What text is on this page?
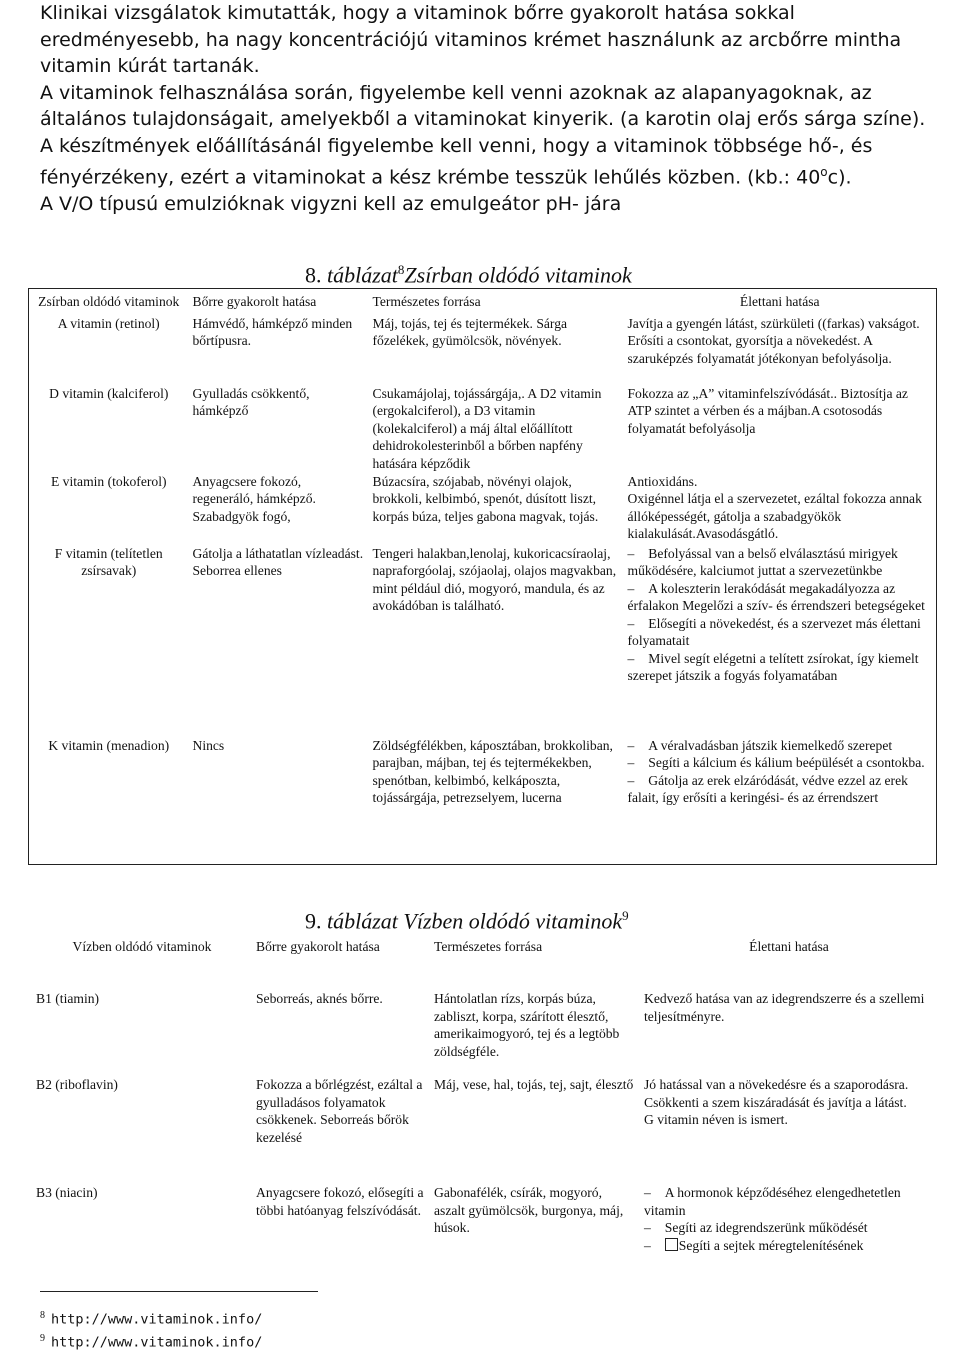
Klinikai vizsgálatok kimutatták, hogy a vitaminok bőrre gyakorolt hatása sokkal eredményesebb, ha nagy koncentrációjú vitaminos krémet használunk az arcbőrre mintha vitamin kúrát tartanák.

A vitaminok felhasználása során, figyelembe kell venni azoknak az alapanyagoknak, az általános tulajdonságait, amelyekből a vitaminokat kinyerik. (a karotin olaj erős sárga színe).

A készítmények előállításánál figyelembe kell venni, hogy a vitaminok többsége hő-, és fényérzékeny, ezért a vitaminokat a kész krémbe tesszük lehűlés közben. (kb.: 40$^o$c).

A V/O típusú emulzióknak vigyzni kell az emulgeátor pH- jára

8. táblázat$^8$Zsírban oldódó vitaminok
Zsírban oldódó vitaminok	Bőrre gyakorolt hatása	Természetes forrása	Élettani hatása
A vitamin (retinol)	Hámvédő, hámképző minden bőrtípusra.	Máj, tojás, tej és tejtermékek. Sárga főzelékek, gyümölcsök, növények.	Javítja a gyengén látást, szürkületi ((farkas) vakságot. Erősíti a csontokat, gyorsítja a növekedést. A szaruképzés folyamatát jótékonyan befolyásolja.
D vitamin (kalciferol)	Gyulladás csökkentő, hámképző	Csukamájolaj, tojássárgája,. A D2 vitamin (ergokalciferol), a D3 vitamin (kolekalciferol) a máj által előállított dehidrokolesterinből a bőrben napfény hatására képződik	Fokozza az „A” vitaminfelszívódását.. Biztosítja az ATP szintet a vérben és a májban.A csotosodás folyamatát befolyásolja
E vitamin (tokoferol)	Anyagcsere fokozó, regeneráló, hámképző. Szabadgyök fogó,	Búzacsíra, szójabab, növényi olajok, brokkoli, kelbimbó, spenót, dúsított liszt, korpás búza, teljes gabona magvak, tojás.	Antioxidáns.
Oxigénnel látja el a szervezetet, ezáltal fokozza annak állóképességét, gátolja a szabadgyökök kialakulását.Avasodásgátló.

F vitamin (telítetlen zsírsavak)	Gátolja a láthatatlan vízleadást. Seborrea ellenes	Tengeri halakban,lenolaj, kukoricacsíraolaj, napraforgóolaj, szójaolaj, olajos magvakban, mint például dió, mogyoró, mandula, és az avokádóban is található.	– Befolyással van a belső elválasztású mirigyek működésére, kalciumot juttat a szervezetünkbe
– A koleszterin lerakódását megakadályozza az érfalakon Megelőzi a szív- és érrendszeri betegségeket
– Elősegíti a növekedést, és a szervezet más élettani folyamatait
– Mivel segít elégetni a telített zsírokat, így kiemelt szerepet játszik a fogyás folyamatában

K vitamin (menadion)	Nincs	Zöldségfélékben, káposztában, brokkoliban, parajban, májban, tej és tejtermékekben, spenótban, kelbimbó, kelkáposzta, tojássárgája, petrezselyem, lucerna	– A véralvadásban játszik kiemelkedő szerepet
– Segíti a kálcium és kálium beépülését a csontokba.
– Gátolja az erek elzáródását, védve ezzel az erek falait, így erősíti a keringési- és az érrendszert
9. táblázat Vízben oldódó vitaminok$^9$
Vízben oldódó vitaminok	Bőrre gyakorolt hatása	Természetes forrása	Élettani hatása
B1 (tiamin)	Seborreás, aknés bőrre.	Hántolatlan rízs, korpás búza, zabliszt, korpa, szárított élesztő, amerikaimogyoró, tej és a legtöbb zöldségféle.	Kedvező hatása van az idegrendszerre és a szellemi teljesítményre.
B2 (riboflavin)	Fokozza a bőrlégzést, ezáltal a gyulladásos folyamatok csökkenek. Seborreás bőrök kezelésé	Máj, vese, hal, tojás, tej, sajt, élesztő	Jó hatással van a növekedésre és a szaporodásra.
Csökkenti a szem kiszáradását és javítja a látást.
G vitamin néven is ismert.

B3 (niacin)	Anyagcsere fokozó, elősegíti a többi hatóanyag felszívódását.	Gabonafélék, csírák, mogyoró, aszalt gyümölcsök, burgonya, máj, húsok.	– A hormonok képződéséhez elengedhetetlen vitamin
– Segíti az idegrendszerünk működését
– Segíti a sejtek méregtelenítésének
$^8$ http://www.vitaminok.info/
$^9$ http://www.vitaminok.info/
